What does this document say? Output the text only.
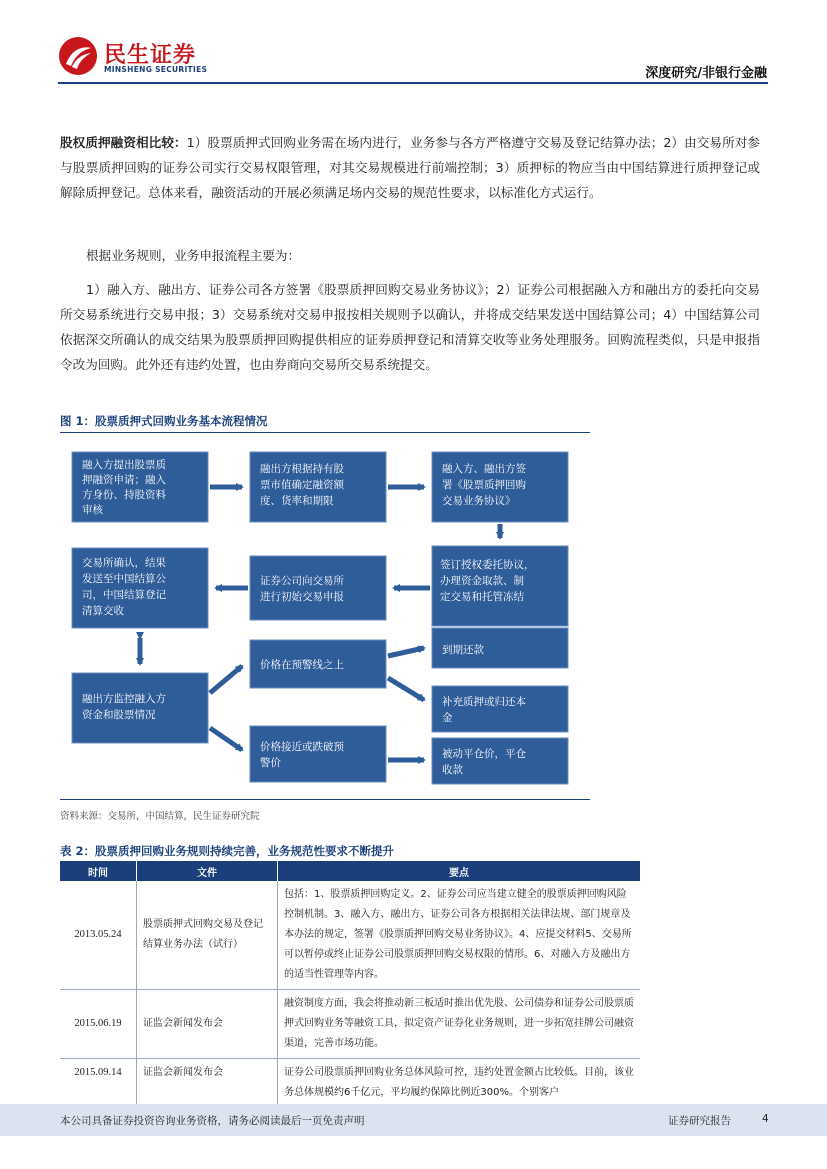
民生证券
MINSHENG SECURITIES	深度研究/非银行金融
股权质押融资相比较：1）股票质押式回购业务需在场内进行，业务参与各方严格遵守交易及登记结算办法；2）由交易所对参与股票质押回购的证券公司实行交易权限管理，对其交易规模进行前端控制；3）质押标的物应当由中国结算进行质押登记或解除质押登记。总体来看，融资活动的开展必须满足场内交易的规范性要求，以标准化方式运行。
根据业务规则，业务申报流程主要为：
1）融入方、融出方、证券公司各方签署《股票质押回购交易业务协议》；2）证券公司根据融入方和融出方的委托向交易所交易系统进行交易申报；3）交易系统对交易申报按相关规则予以确认，并将成交结果发送中国结算公司；4）中国结算公司依据深交所确认的成交结果为股票质押回购提供相应的证券质押登记和清算交收等业务处理服务。回购流程类似，只是申报指令改为回购。此外还有违约处置，也由券商向交易所交易系统提交。
图 1：股票质押式回购业务基本流程情况
融入方提出股票质 押融资申请；融入 方身份、持股资料 审核
融出方根据持有股 票市值确定融资额 度、货率和期限
融入方、融出方签 署《股票质押回购 交易业务协议》
交易所确认，结果 发送至中国结算公 司，中国结算登记 清算交收
证券公司向交易所 进行初始交易申报
签订授权委托协议， 办理资金取款、制 定交易和托管冻结
融出方监控融入方 资金和股票情况
价格在预警线之上
价格接近或跌破预 警价
到期还款
补充质押或归还本 金
被动平仓价，平仓 收款
资料来源：交易所，中国结算，民生证券研究院
表 2：股票质押回购业务规则持续完善，业务规范性要求不断提升
时间	文件	要点
2013.05.24	股票质押式回购交易及登记结算业务办法（试行）	包括：1、股票质押回购定义。2、证券公司应当建立健全的股票质押回购风险控制机制。3、融入方、融出方、证券公司各方根据相关法律法规、部门规章及本办法的规定，签署《股票质押回购交易业务协议》。4、应提交材料5、交易所可以暂停或终止证券公司股票质押回购交易权限的情形。6、对融入方及融出方的适当性管理等内容。
2015.06.19	证监会新闻发布会	融资制度方面，我会将推动新三板适时推出优先股、公司债券和证券公司股票质押式回购业务等融资工具，拟定资产证券化业务规则，进一步拓宽挂牌公司融资渠道，完善市场功能。
2015.09.14	证监会新闻发布会	证券公司股票质押回购业务总体风险可控，违约处置金额占比较低。目前，该业务总体规模约6千亿元，平均履约保障比例近300%。个别客户
本公司具备证券投资咨询业务资格，请务必阅读最后一页免责声明	证券研究报告	4
